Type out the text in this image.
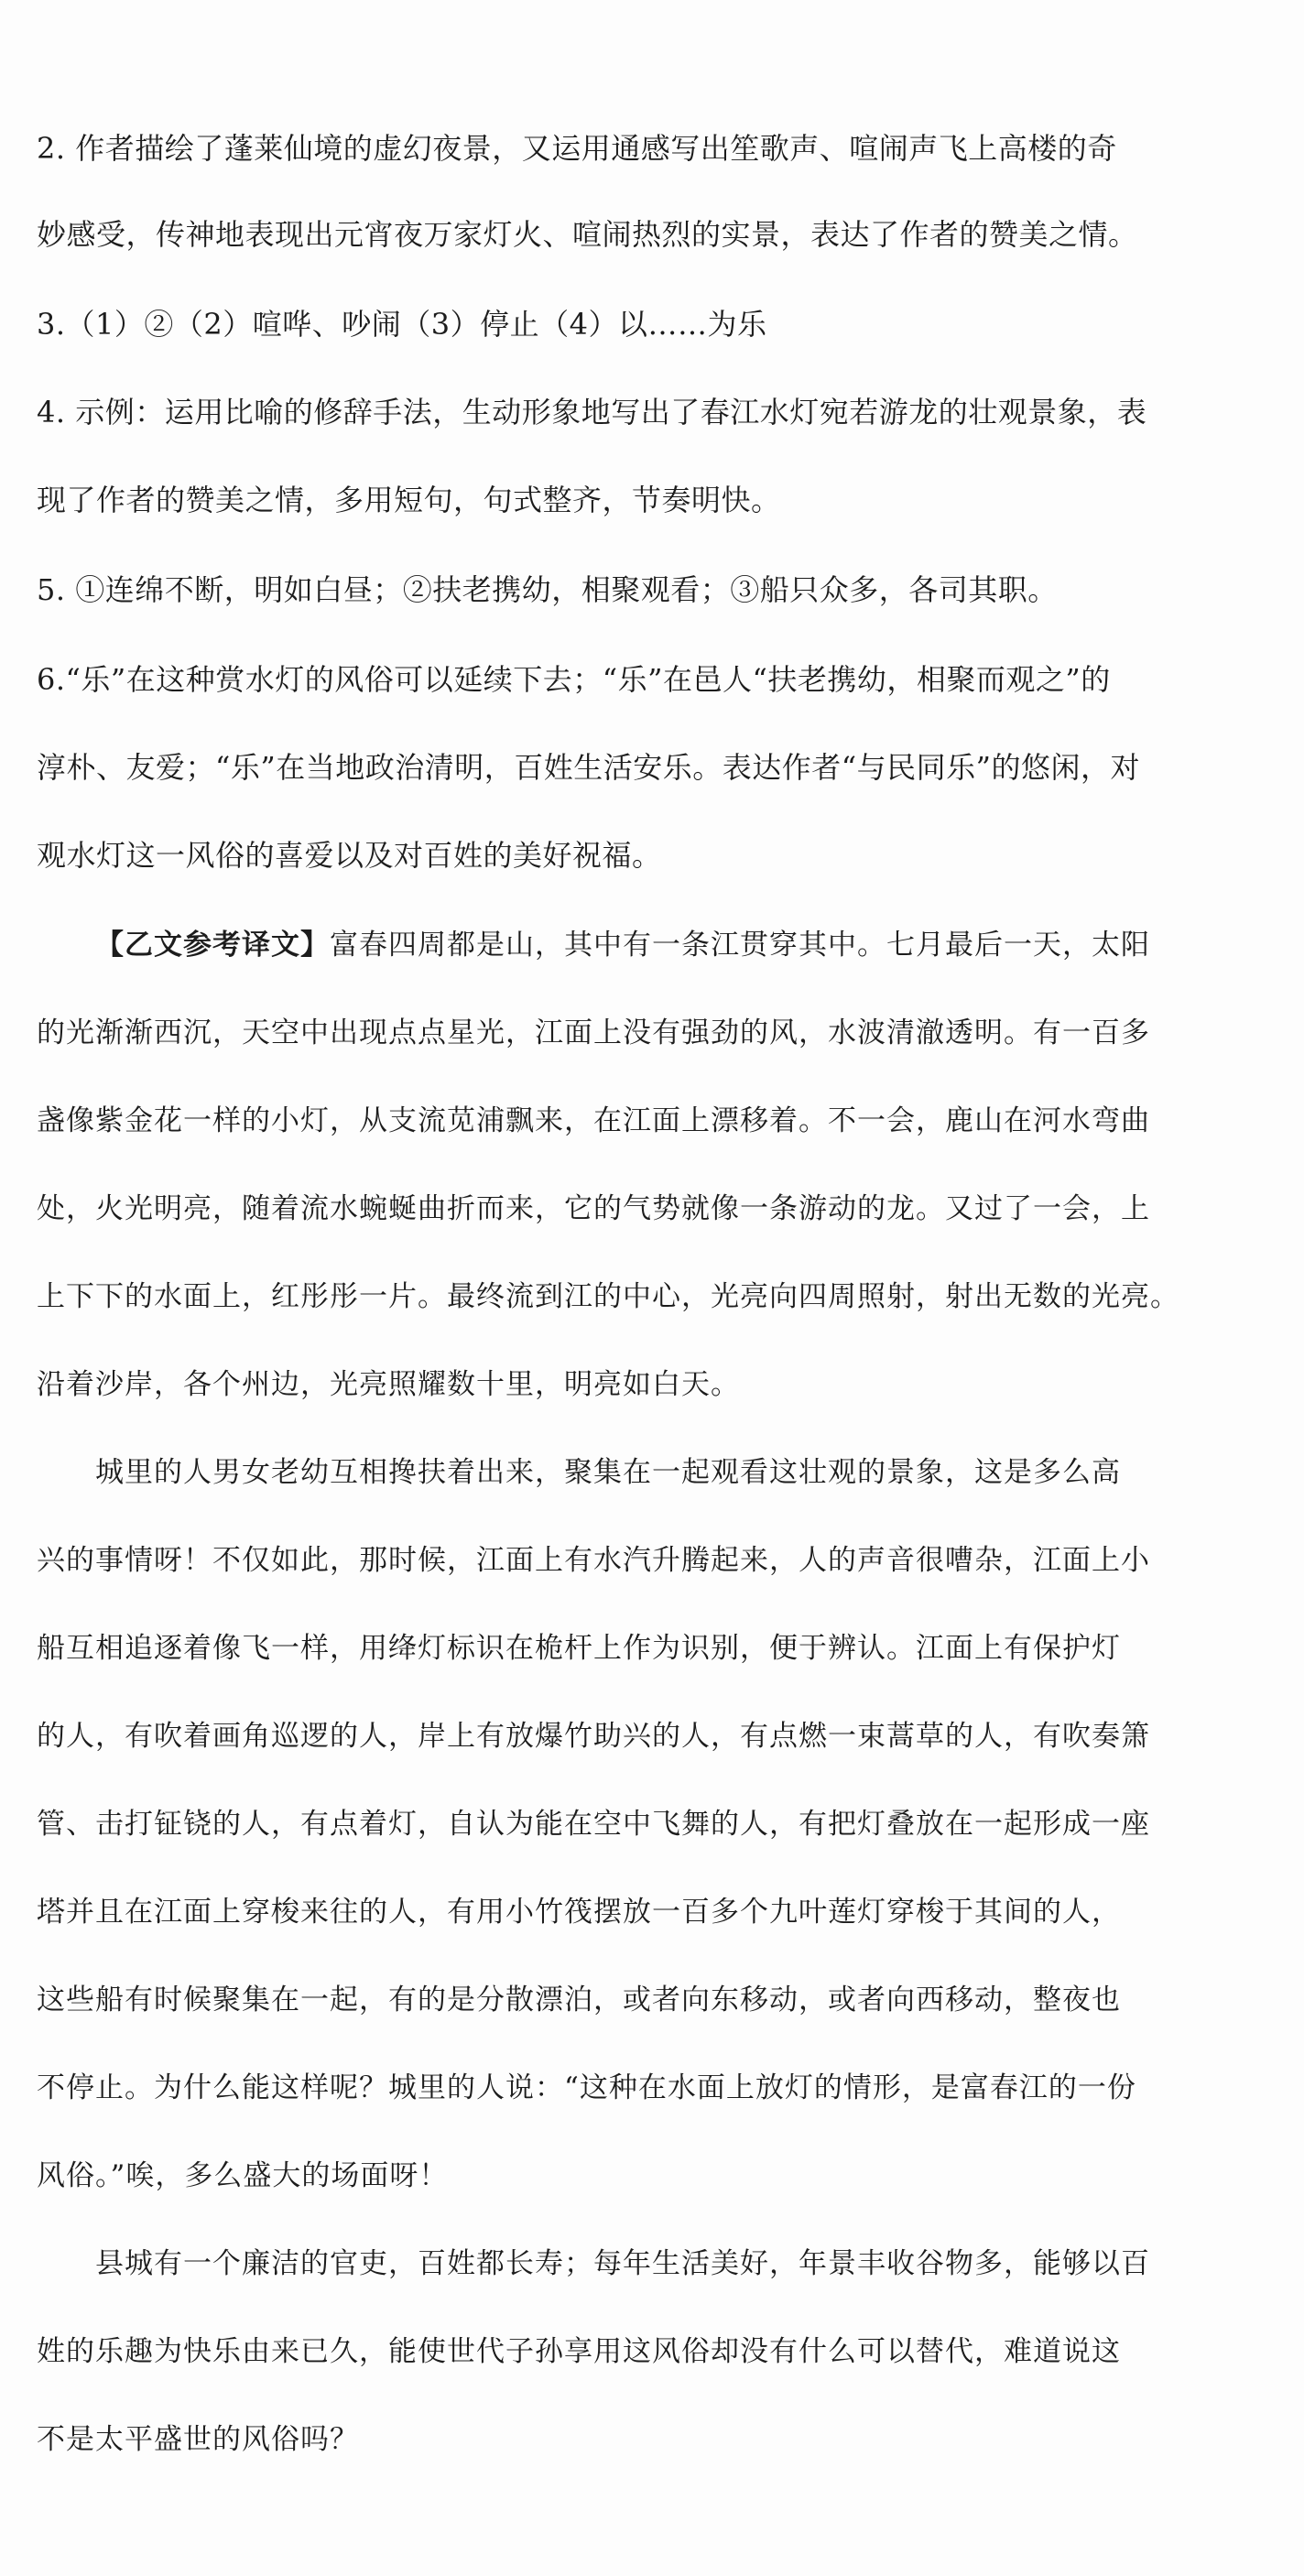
2. 作者描绘了蓬莱仙境的虚幻夜景，又运用通感写出笙歌声、喧闹声飞上高楼的奇
妙感受，传神地表现出元宵夜万家灯火、喧闹热烈的实景，表达了作者的赞美之情。
3.（1）②（2）喧哗、吵闹（3）停止（4）以……为乐
4. 示例：运用比喻的修辞手法，生动形象地写出了春江水灯宛若游龙的壮观景象，表
现了作者的赞美之情，多用短句，句式整齐，节奏明快。
5. ①连绵不断，明如白昼；②扶老携幼，相聚观看；③船只众多，各司其职。
6.“乐”在这种赏水灯的风俗可以延续下去；“乐”在邑人“扶老携幼，相聚而观之”的
淳朴、友爱；“乐”在当地政治清明，百姓生活安乐。表达作者“与民同乐”的悠闲，对
观水灯这一风俗的喜爱以及对百姓的美好祝福。
【乙文参考译文】富春四周都是山，其中有一条江贯穿其中。七月最后一天，太阳
的光渐渐西沉，天空中出现点点星光，江面上没有强劲的风，水波清澈透明。有一百多
盏像紫金花一样的小灯，从支流苋浦飘来，在江面上漂移着。不一会，鹿山在河水弯曲
处，火光明亮，随着流水蜿蜒曲折而来，它的气势就像一条游动的龙。又过了一会，上
上下下的水面上，红彤彤一片。最终流到江的中心，光亮向四周照射，射出无数的光亮。
沿着沙岸，各个州边，光亮照耀数十里，明亮如白天。
城里的人男女老幼互相搀扶着出来，聚集在一起观看这壮观的景象，这是多么高
兴的事情呀！不仅如此，那时候，江面上有水汽升腾起来，人的声音很嘈杂，江面上小
船互相追逐着像飞一样，用绛灯标识在桅杆上作为识别，便于辨认。江面上有保护灯
的人，有吹着画角巡逻的人，岸上有放爆竹助兴的人，有点燃一束蒿草的人，有吹奏箫
管、击打钲铙的人，有点着灯，自认为能在空中飞舞的人，有把灯叠放在一起形成一座
塔并且在江面上穿梭来往的人，有用小竹筏摆放一百多个九叶莲灯穿梭于其间的人，
这些船有时候聚集在一起，有的是分散漂泊，或者向东移动，或者向西移动，整夜也
不停止。为什么能这样呢？城里的人说：“这种在水面上放灯的情形，是富春江的一份
风俗。”唉，多么盛大的场面呀！
县城有一个廉洁的官吏，百姓都长寿；每年生活美好，年景丰收谷物多，能够以百
姓的乐趣为快乐由来已久，能使世代子孙享用这风俗却没有什么可以替代，难道说这
不是太平盛世的风俗吗？
